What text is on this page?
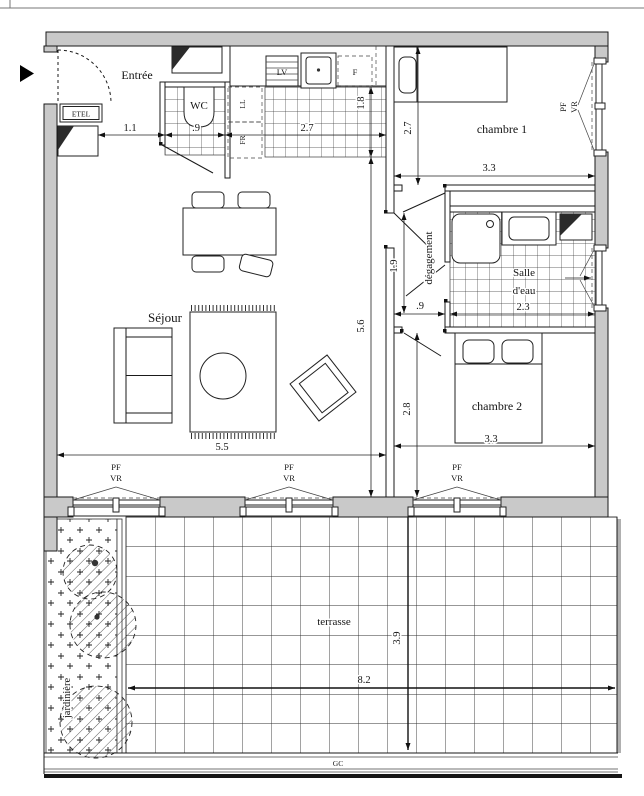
Entrée
ETEL
WC
LV	F
LL
FR
chambre 1
chambre 2
Séjour
dégagement	Salle
d'eau
terrasse
jardinière
GC
1.1	.9	2.7
1.8
2.7
3.3
1.9
.9	2.3
2.8
3.3
5.5
5.6
3.9
8.2
PF
VR
PF
VR
PF
VR
PF VR
